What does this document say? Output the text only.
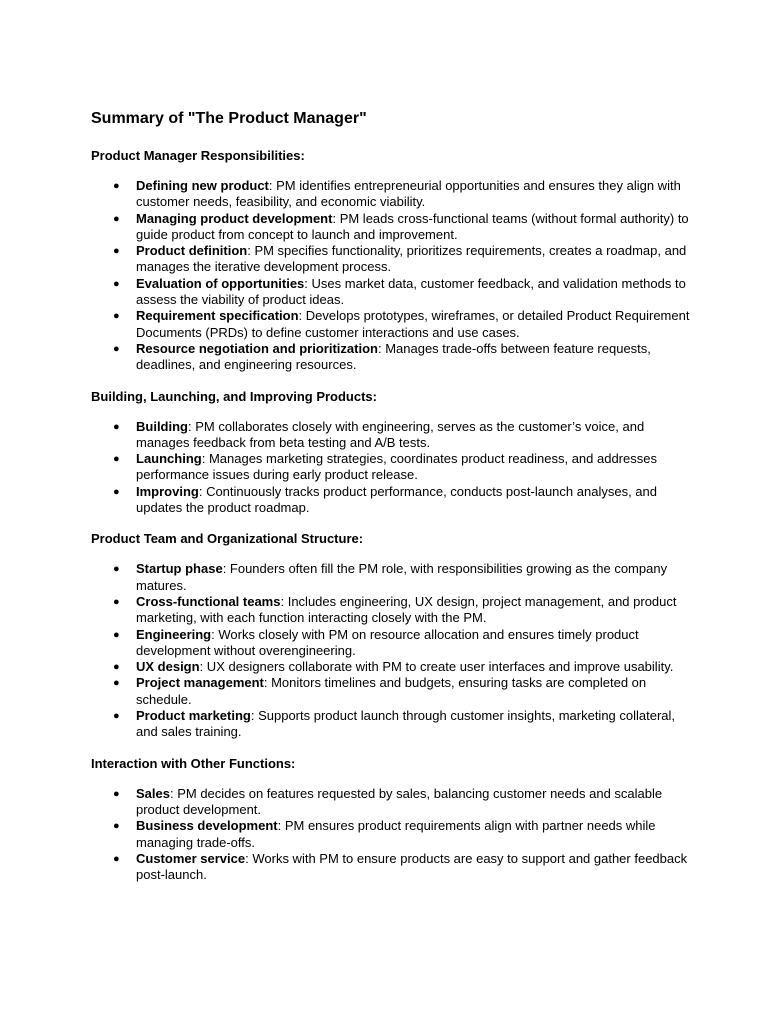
Summary of "The Product Manager"
Product Manager Responsibilities:
● Defining new product: PM identifies entrepreneurial opportunities and ensures they align with customer needs, feasibility, and economic viability.
● Managing product development: PM leads cross-functional teams (without formal authority) to guide product from concept to launch and improvement.
● Product definition: PM specifies functionality, prioritizes requirements, creates a roadmap, and manages the iterative development process.
● Evaluation of opportunities: Uses market data, customer feedback, and validation methods to assess the viability of product ideas.
● Requirement specification: Develops prototypes, wireframes, or detailed Product Requirement Documents (PRDs) to define customer interactions and use cases.
● Resource negotiation and prioritization: Manages trade-offs between feature requests, deadlines, and engineering resources.
Building, Launching, and Improving Products:
● Building: PM collaborates closely with engineering, serves as the customer’s voice, and manages feedback from beta testing and A/B tests.
● Launching: Manages marketing strategies, coordinates product readiness, and addresses performance issues during early product release.
● Improving: Continuously tracks product performance, conducts post-launch analyses, and updates the product roadmap.
Product Team and Organizational Structure:
● Startup phase: Founders often fill the PM role, with responsibilities growing as the company matures.
● Cross-functional teams: Includes engineering, UX design, project management, and product marketing, with each function interacting closely with the PM.
● Engineering: Works closely with PM on resource allocation and ensures timely product development without overengineering.
● UX design: UX designers collaborate with PM to create user interfaces and improve usability.
● Project management: Monitors timelines and budgets, ensuring tasks are completed on schedule.
● Product marketing: Supports product launch through customer insights, marketing collateral, and sales training.
Interaction with Other Functions:
● Sales: PM decides on features requested by sales, balancing customer needs and scalable product development.
● Business development: PM ensures product requirements align with partner needs while managing trade-offs.
● Customer service: Works with PM to ensure products are easy to support and gather feedback post-launch.
